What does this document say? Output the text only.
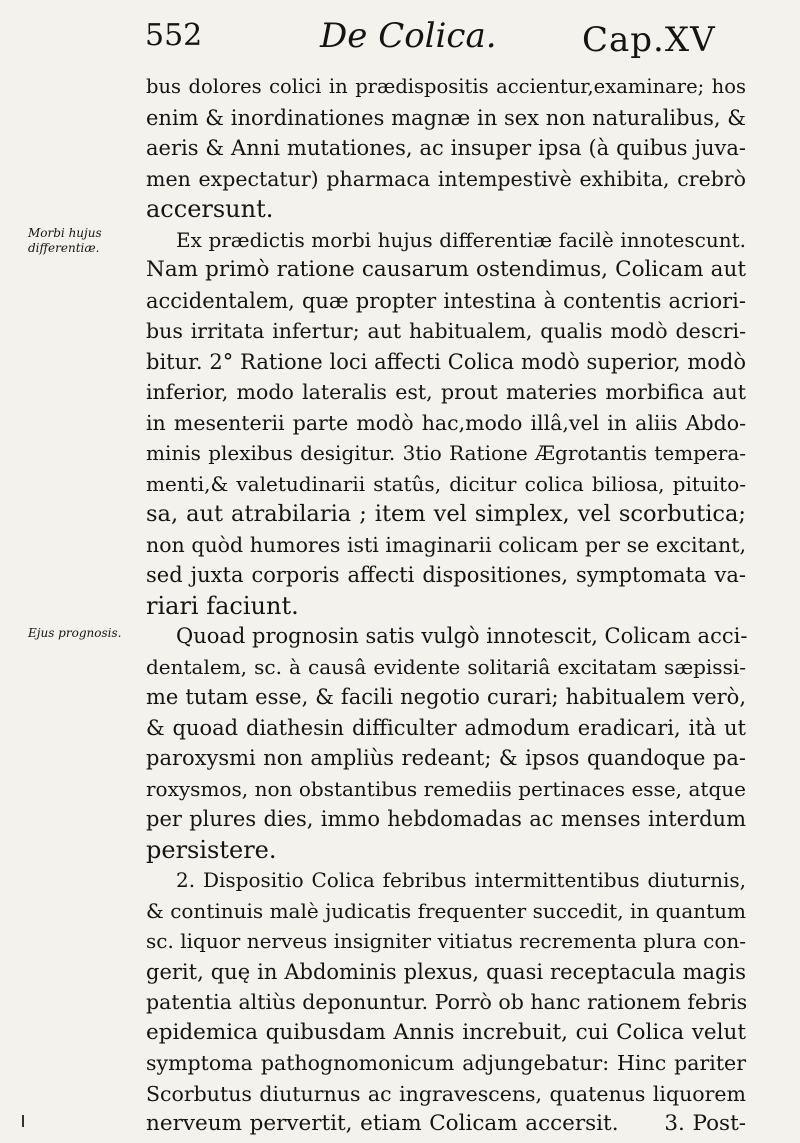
552	De Colica.	Cap.XV
Morbi hujus
differentiæ.
Ejus prognosis.
bus dolores colici in prædispositis accientur,examinare; hos
enim & inordinationes magnæ in sex non naturalibus, &
aeris & Anni mutationes, ac insuper ipsa (à quibus juva-
men expectatur) pharmaca intempestivè exhibita, crebrò
accersunt.
Ex prædictis morbi hujus differentiæ facilè innotescunt.
Nam primò ratione causarum ostendimus, Colicam aut
accidentalem, quæ propter intestina à contentis acriori-
bus irritata infertur; aut habitualem, qualis modò descri-
bitur. 2° Ratione loci affecti Colica modò superior, modò
inferior, modo lateralis est, prout materies morbifica aut
in mesenterii parte modò hac,modo illâ,vel in aliis Abdo-
minis plexibus desigitur. 3tio Ratione Ægrotantis tempera-
menti,& valetudinarii statûs, dicitur colica biliosa, pituito-
sa, aut atrabilaria ; item vel simplex, vel scorbutica;
non quòd humores isti imaginarii colicam per se excitant,
sed juxta corporis affecti dispositiones, symptomata va-
riari faciunt.
Quoad prognosin satis vulgò innotescit, Colicam acci-
dentalem, sc. à causâ evidente solitariâ excitatam sæpissi-
me tutam esse, & facili negotio curari; habitualem verò,
& quoad diathesin difficulter admodum eradicari, ità ut
paroxysmi non ampliùs redeant; & ipsos quandoque pa-
roxysmos, non obstantibus remediis pertinaces esse, atque
per plures dies, immo hebdomadas ac menses interdum
persistere.
2. Dispositio Colica febribus intermittentibus diuturnis,
& continuis malè judicatis frequenter succedit, in quantum
sc. liquor nerveus insigniter vitiatus recrementa plura con-
gerit, quę in Abdominis plexus, quasi receptacula magis
patentia altiùs deponuntur. Porrò ob hanc rationem febris
epidemica quibusdam Annis increbuit, cui Colica velut
symptoma pathognomonicum adjungebatur: Hinc pariter
Scorbutus diuturnus ac ingravescens, quatenus liquorem
nerveum pervertit, etiam Colicam accersit.      3. Post-
